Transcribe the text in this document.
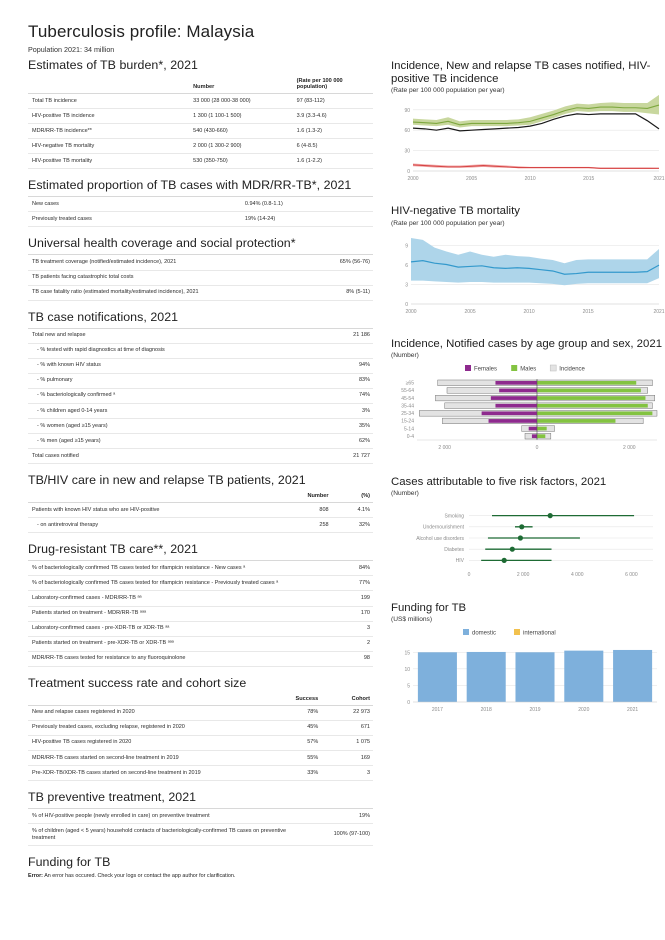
Tuberculosis profile: Malaysia
Population 2021: 34 million
Estimates of TB burden*, 2021
	Number	(Rate per 100 000 population)
Total TB incidence	33 000 (28 000-38 000)	97 (83-112)
HIV-positive TB incidence	1 300 (1 100-1 500)	3.9 (3.3-4.6)
MDR/RR-TB incidence**	540 (430-660)	1.6 (1.3-2)
HIV-negative TB mortality	2 000 (1 300-2 900)	6 (4-8.5)
HIV-positive TB mortality	530 (350-750)	1.6 (1-2.2)
Estimated proportion of TB cases with MDR/RR-TB*, 2021
New cases	0.94% (0.8-1.1)
Previously treated cases	19% (14-24)
Universal health coverage and social protection*
TB treatment coverage (notified/estimated incidence), 2021	65% (56-76)
TB patients facing catastrophic total costs	
TB case fatality ratio (estimated mortality/estimated incidence), 2021	8% (5-11)
TB case notifications, 2021
Total new and relapse	21 186
- % tested with rapid diagnostics at time of diagnosis	
- % with known HIV status	94%
- % pulmonary	83%
- % bacteriologically confirmed ᵃ	74%
- % children aged 0-14 years	3%
- % women (aged ≥15 years)	35%
- % men (aged ≥15 years)	62%
Total cases notified	21 727
TB/HIV care in new and relapse TB patients, 2021
	Number	(%)
Patients with known HIV status who are HIV-positive	808	4.1%
- on antiretroviral therapy	258	32%
Drug-resistant TB care**, 2021
% of bacteriologically confirmed TB cases tested for rifampicin resistance - New cases ᵃ	84%
% of bacteriologically confirmed TB cases tested for rifampicin resistance - Previously treated cases ᵃ	77%
Laboratory-confirmed cases - MDR/RR-TB ᵃᵃ	199
Patients started on treatment - MDR/RR-TB ᵃᵃᵃ	170
Laboratory-confirmed cases - pre-XDR-TB or XDR-TB ᵃᵃ	3
Patients started on treatment - pre-XDR-TB or XDR-TB ᵃᵃᵃ	2
MDR/RR-TB cases tested for resistance to any fluoroquinolone	98
Treatment success rate and cohort size
	Success	Cohort
New and relapse cases registered in 2020	78%	22 973
Previously treated cases, excluding relapse, registered in 2020	45%	671
HIV-positive TB cases registered in 2020	57%	1 075
MDR/RR-TB cases started on second-line treatment in 2019	55%	169
Pre-XDR-TB/XDR-TB cases started on second-line treatment in 2019	33%	3
TB preventive treatment, 2021
% of HIV-positive people (newly enrolled in care) on preventive treatment	19%
% of children (aged < 5 years) household contacts of bacteriologically-confirmed TB cases on preventive treatment	100% (97-100)
Funding for TB
Error: An error has occured. Check your logs or contact the app author for clarification.
Incidence, New and relapse TB cases notified, HIV-positive TB incidence
(Rate per 100 000 population per year)
0
30
60
90
2000	2005	2010	2015	2021
HIV-negative TB mortality
(Rate per 100 000 population per year)
0
3
6
9
2000	2005	2010	2015	2021
Incidence, Notified cases by age group and sex, 2021
(Number)
Females	Males	Incidence
≥65
55-64
45-54
35-44
25-34
15-24
5-14
0-4
2 000	0	2 000
Cases attributable to five risk factors, 2021
(Number)
Smoking
Undernourishment
Alcohol use disorders
Diabetes
HIV
0	2 000	4 000	6 000
Funding for TB
(US$ millions)
domestic	international
0
5
10
15
2017	2018	2019	2020	2021
